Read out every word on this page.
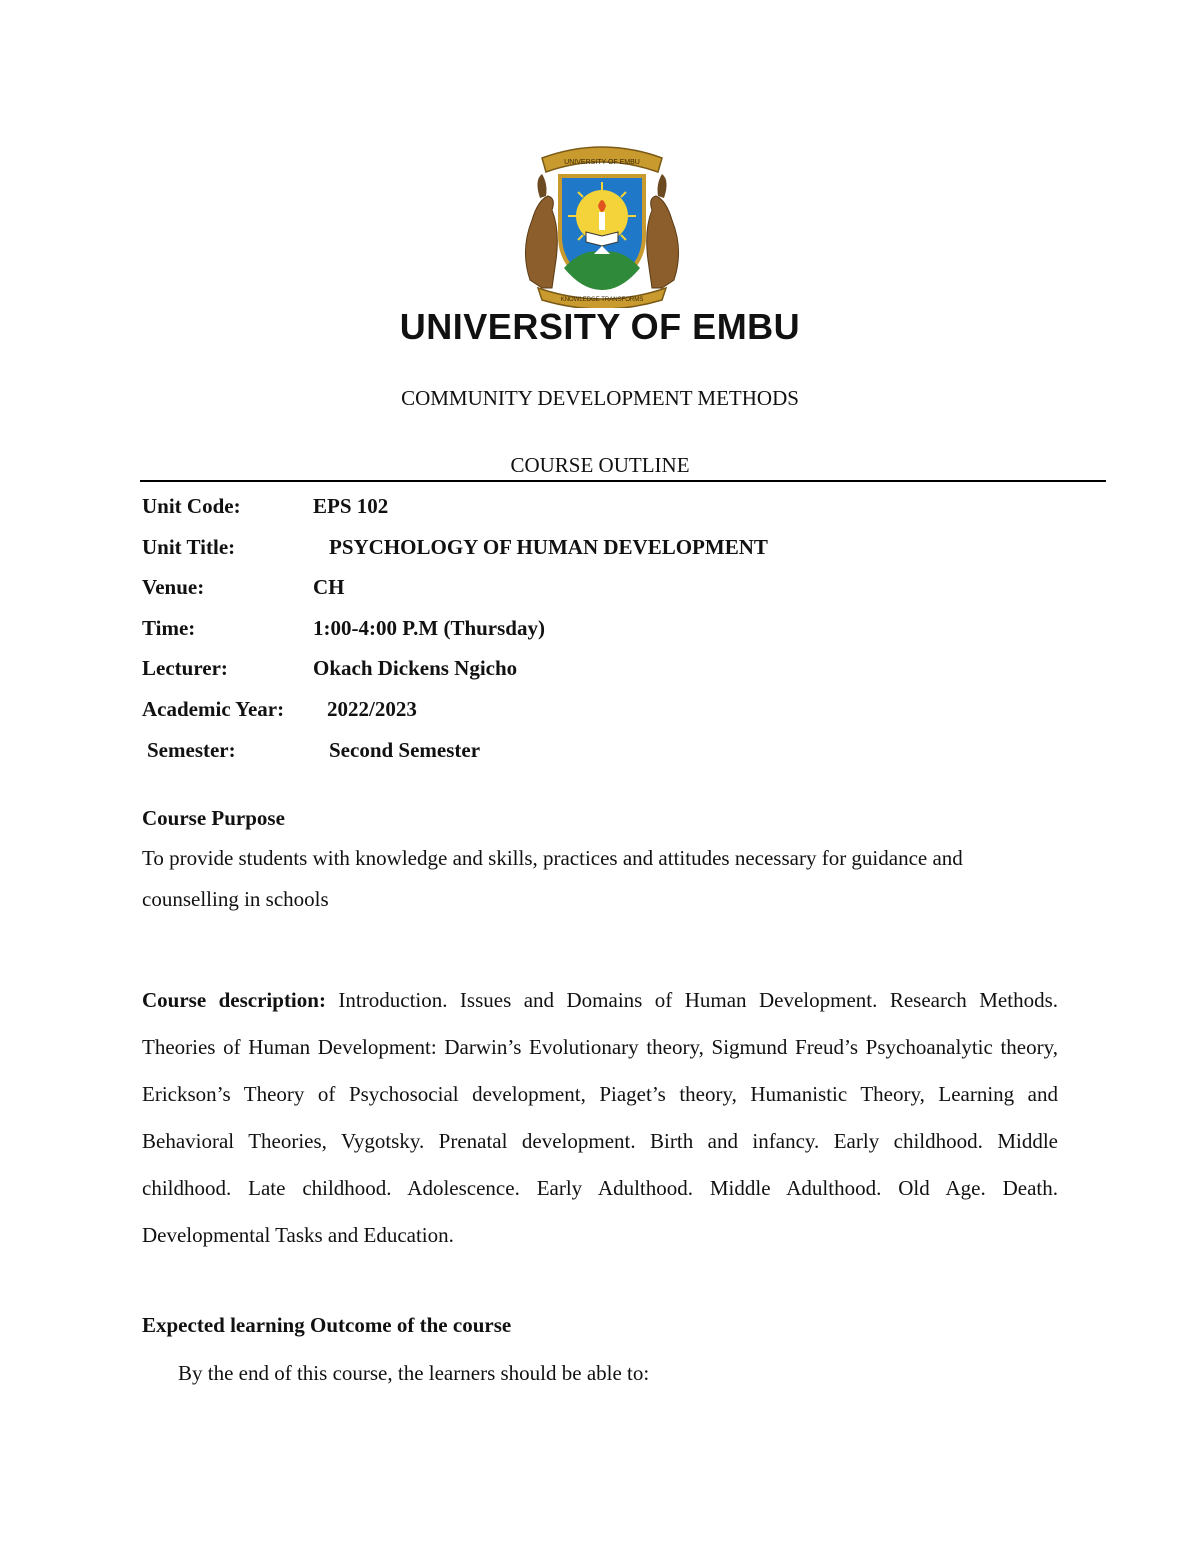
UNIVERSITY OF EMBU
KNOWLEDGE TRANSFORMS
UNIVERSITY OF EMBU
COMMUNITY DEVELOPMENT METHODS
COURSE OUTLINE
Unit Code:	EPS 102
Unit Title:	PSYCHOLOGY OF HUMAN DEVELOPMENT
Venue:	CH
Time:	1:00-4:00 P.M (Thursday)
Lecturer:	Okach Dickens Ngicho
Academic Year: 2022/2023
Semester:	Second Semester
Course Purpose
To provide students with knowledge and skills, practices and attitudes necessary for guidance and counselling in schools
Course description: Introduction. Issues and Domains of Human Development. Research Methods. Theories of Human Development: Darwin’s Evolutionary theory, Sigmund Freud’s Psychoanalytic theory, Erickson’s Theory of Psychosocial development, Piaget’s theory, Humanistic Theory, Learning and Behavioral Theories, Vygotsky. Prenatal development. Birth and infancy. Early childhood. Middle childhood. Late childhood. Adolescence. Early Adulthood. Middle Adulthood. Old Age. Death. Developmental Tasks and Education.
Expected learning Outcome of the course
By the end of this course, the learners should be able to:
